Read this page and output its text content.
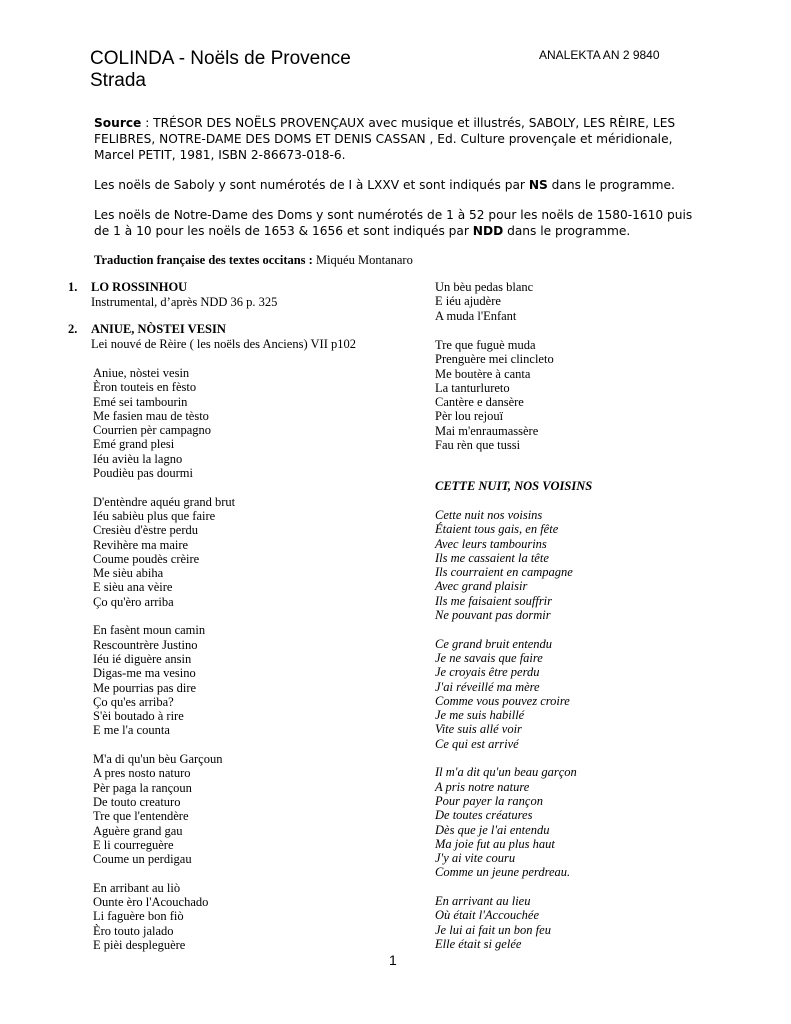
COLINDA - Noëls de Provence
Strada
ANALEKTA AN 2 9840
Source : TRÉSOR DES NOËLS PROVENÇAUX avec musique et illustrés, SABOLY, LES RÈIRE, LES FELIBRES, NOTRE-DAME DES DOMS ET DENIS CASSAN , Ed. Culture provençale et méridionale, Marcel PETIT, 1981, ISBN 2-86673-018-6.
Les noëls de Saboly y sont numérotés de I à LXXV et sont indiqués par NS dans le programme.
Les noëls de Notre-Dame des Doms y sont numérotés de 1 à 52 pour les noëls de 1580-1610 puis de 1 à 10 pour les noëls de 1653 & 1656 et sont indiqués par NDD dans le programme.
Traduction française des textes occitans : Miquéu Montanaro
1. LO ROSSINHOU
Instrumental, d’après NDD 36 p. 325
2. ANIUE, NÒSTEI VESIN
Lei nouvé de Rèire ( les noëls des Anciens) VII p102
Aniue, nòstei vesin
Èron touteis en fèsto
Emé sei tambourin
Me fasien mau de tèsto
Courrien pèr campagno
Emé grand plesi
Iéu avièu la lagno
Poudièu pas dourmi
D'entèndre aquéu grand brut
Iéu sabièu plus que faire
Cresièu d'èstre perdu
Revihère ma maire
Coume poudès crèire
Me sièu abiha
E sièu ana vèire
Ço qu'èro arriba
En fasènt moun camin
Rescountrère Justino
Iéu ié diguère ansin
Digas-me ma vesino
Me pourrias pas dire
Ço qu'es arriba?
S'èi boutado à rire
E me l'a counta
M'a di qu'un bèu Garçoun
A pres nosto naturo
Pèr paga la rançoun
De touto creaturo
Tre que l'entendère
Aguère grand gau
E li courreguère
Coume un perdigau
En arribant au liò
Ounte èro l'Acouchado
Li faguère bon fiò
Èro touto jalado
E pièi despleguère
Un bèu pedas blanc
E iéu ajudère
A muda l'Enfant
Tre que fuguè muda
Prenguère mei clincleto
Me boutère à canta
La tanturlureto
Cantère e dansère
Pèr lou rejouï
Mai m'enraumassère
Fau rèn que tussi
CETTE NUIT, NOS VOISINS
Cette nuit nos voisins
Étaient tous gais, en fête
Avec leurs tambourins
Ils me cassaient la tête
Ils courraient en campagne
Avec grand plaisir
Ils me faisaient souffrir
Ne pouvant pas dormir
Ce grand bruit entendu
Je ne savais que faire
Je croyais être perdu
J'ai réveillé ma mère
Comme vous pouvez croire
Je me suis habillé
Vite suis allé voir
Ce qui est arrivé
Il m'a dit qu'un beau garçon
A pris notre nature
Pour payer la rançon
De toutes créatures
Dès que je l'ai entendu
Ma joie fut au plus haut
J'y ai vite couru
Comme un jeune perdreau.
En arrivant au lieu
Où était l'Accouchée
Je lui ai fait un bon feu
Elle était si gelée
1
